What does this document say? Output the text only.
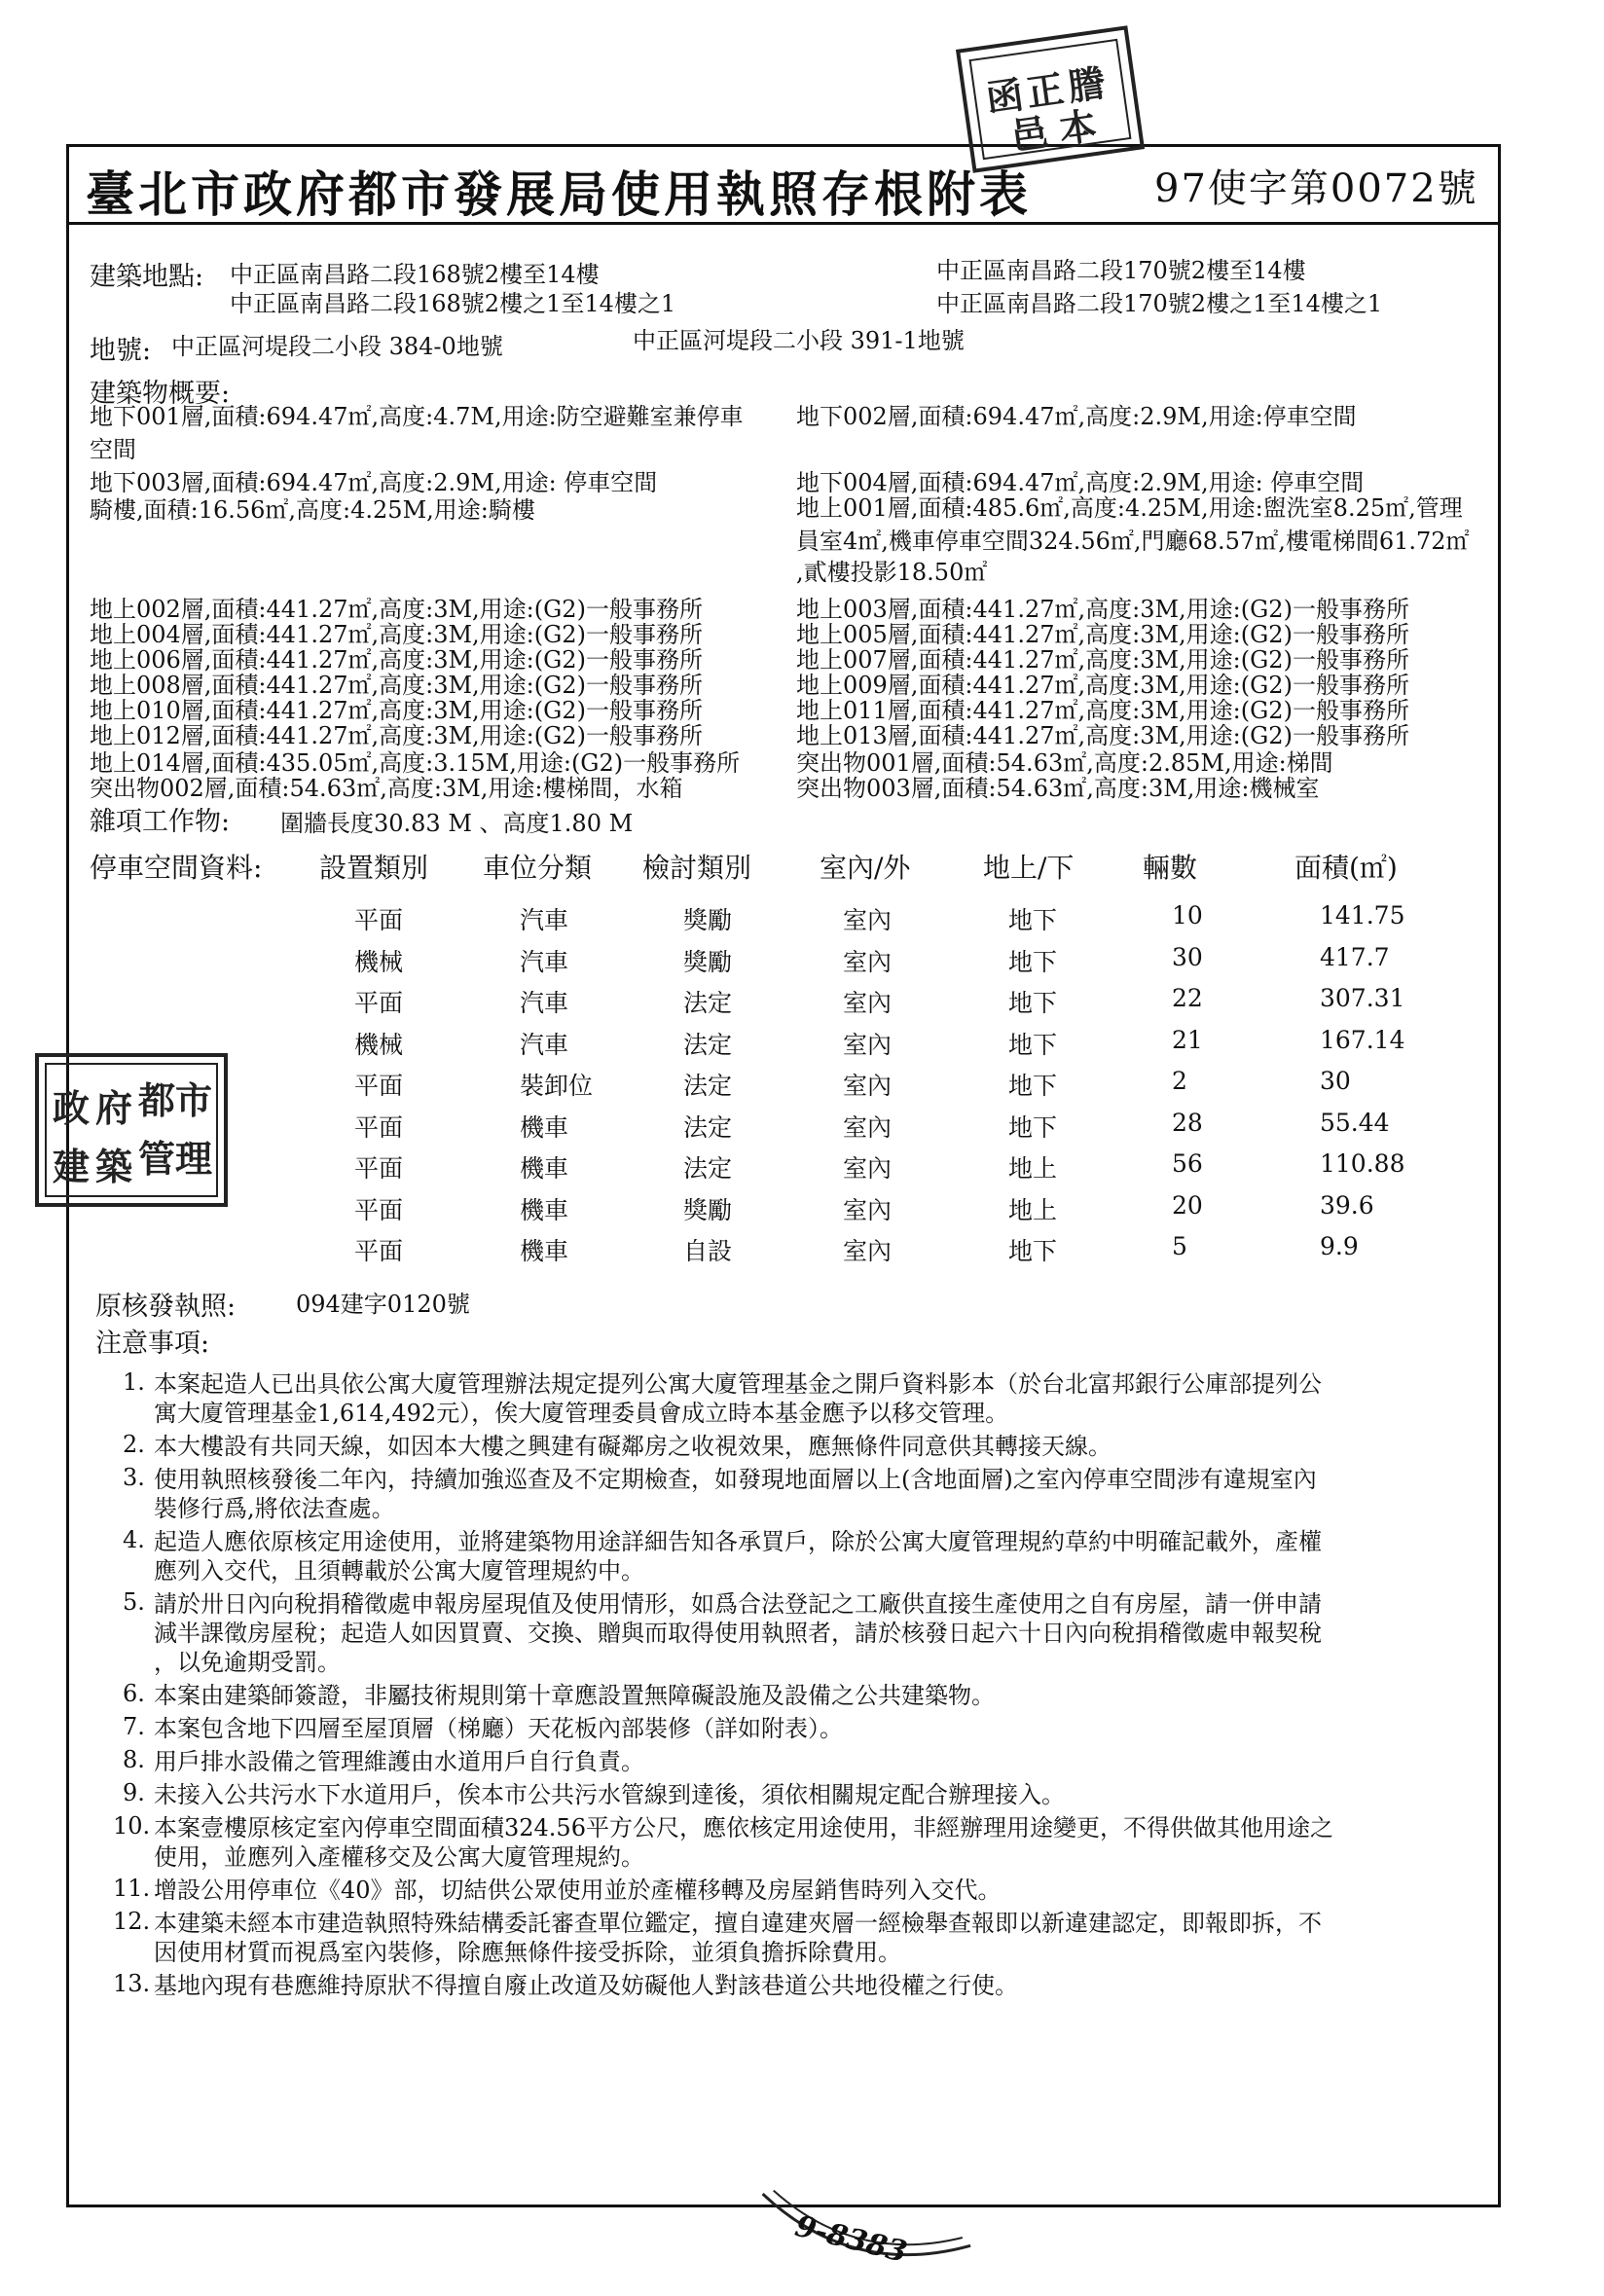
函
正
謄
邑 本
臺北市政府都市發展局使用執照存根附表	97使字第0072號
建築地點: 中正區南昌路二段168號2樓至14樓
中正區南昌路二段168號2樓之1至14樓之1
中正區南昌路二段170號2樓至14樓
中正區南昌路二段170號2樓之1至14樓之1
地號: 中正區河堤段二小段 384-0地號	中正區河堤段二小段 391-1地號
建築物概要:
地下001層,面積:694.47㎡,高度:4.7M,用途:防空避難室兼停車
空間
地下003層,面積:694.47㎡,高度:2.9M,用途: 停車空間
騎樓,面積:16.56㎡,高度:4.25M,用途:騎樓
地上002層,面積:441.27㎡,高度:3M,用途:(G2)一般事務所
地上004層,面積:441.27㎡,高度:3M,用途:(G2)一般事務所
地上006層,面積:441.27㎡,高度:3M,用途:(G2)一般事務所
地上008層,面積:441.27㎡,高度:3M,用途:(G2)一般事務所
地上010層,面積:441.27㎡,高度:3M,用途:(G2)一般事務所
地上012層,面積:441.27㎡,高度:3M,用途:(G2)一般事務所
地上014層,面積:435.05㎡,高度:3.15M,用途:(G2)一般事務所
突出物002層,面積:54.63㎡,高度:3M,用途:樓梯間，水箱
地下002層,面積:694.47㎡,高度:2.9M,用途:停車空間
地下004層,面積:694.47㎡,高度:2.9M,用途: 停車空間
地上001層,面積:485.6㎡,高度:4.25M,用途:盥洗室8.25㎡,管理
員室4㎡,機車停車空間324.56㎡,門廳68.57㎡,樓電梯間61.72㎡
,貳樓投影18.50㎡
地上003層,面積:441.27㎡,高度:3M,用途:(G2)一般事務所
地上005層,面積:441.27㎡,高度:3M,用途:(G2)一般事務所
地上007層,面積:441.27㎡,高度:3M,用途:(G2)一般事務所
地上009層,面積:441.27㎡,高度:3M,用途:(G2)一般事務所
地上011層,面積:441.27㎡,高度:3M,用途:(G2)一般事務所
地上013層,面積:441.27㎡,高度:3M,用途:(G2)一般事務所
突出物001層,面積:54.63㎡,高度:2.85M,用途:梯間
突出物003層,面積:54.63㎡,高度:3M,用途:機械室
雜項工作物: 圍牆長度30.83 M 、高度1.80 M
停車空間資料: 設置類別 車位分類 檢討類別 室內/外	地上/下	輛數	面積(㎡)
平面	汽車	獎勵	室內	地下	10	141.75
機械	汽車	獎勵	室內	地下	30	417.7
平面	汽車	法定	室內	地下	22	307.31
機械	汽車	法定	室內	地下	21	167.14
平面	裝卸位	法定	室內	地下	2	30
平面	機車	法定	室內	地下	28	55.44
平面	機車	法定	室內	地上	56	110.88
平面	機車	獎勵	室內	地上	20	39.6
平面	機車	自設	室內	地下	5	9.9
政 府 都 市
建 築 管 理
原核發執照:	094建字0120號
注意事項:
1. 本案起造人已出具依公寓大廈管理辦法規定提列公寓大廈管理基金之開戶資料影本（於台北富邦銀行公庫部提列公
寓大廈管理基金1,614,492元），俟大廈管理委員會成立時本基金應予以移交管理。
2. 本大樓設有共同天線，如因本大樓之興建有礙鄰房之收視效果，應無條件同意供其轉接天線。
3. 使用執照核發後二年內，持續加強巡查及不定期檢查，如發現地面層以上(含地面層)之室內停車空間涉有違規室內
裝修行爲,將依法查處。
4. 起造人應依原核定用途使用，並將建築物用途詳細告知各承買戶，除於公寓大廈管理規約草約中明確記載外，產權
應列入交代，且須轉載於公寓大廈管理規約中。
5. 請於卅日內向稅捐稽徵處申報房屋現值及使用情形，如爲合法登記之工廠供直接生產使用之自有房屋，請一併申請
減半課徵房屋稅；起造人如因買賣、交換、贈與而取得使用執照者，請於核發日起六十日內向稅捐稽徵處申報契稅
，以免逾期受罰。
6. 本案由建築師簽證，非屬技術規則第十章應設置無障礙設施及設備之公共建築物。
7. 本案包含地下四層至屋頂層（梯廳）天花板內部裝修（詳如附表）。
8. 用戶排水設備之管理維護由水道用戶自行負責。
9. 未接入公共污水下水道用戶，俟本市公共污水管線到達後，須依相關規定配合辦理接入。
10. 本案壹樓原核定室內停車空間面積324.56平方公尺，應依核定用途使用，非經辦理用途變更，不得供做其他用途之
使用，並應列入產權移交及公寓大廈管理規約。
11. 增設公用停車位《40》部，切結供公眾使用並於產權移轉及房屋銷售時列入交代。
12. 本建築未經本市建造執照特殊結構委託審查單位鑑定，擅自違建夾層一經檢舉查報即以新違建認定，即報即拆，不
因使用材質而視爲室內裝修，除應無條件接受拆除，並須負擔拆除費用。
13. 基地內現有巷應維持原狀不得擅自廢止改道及妨礙他人對該巷道公共地役權之行使。
9-8383
